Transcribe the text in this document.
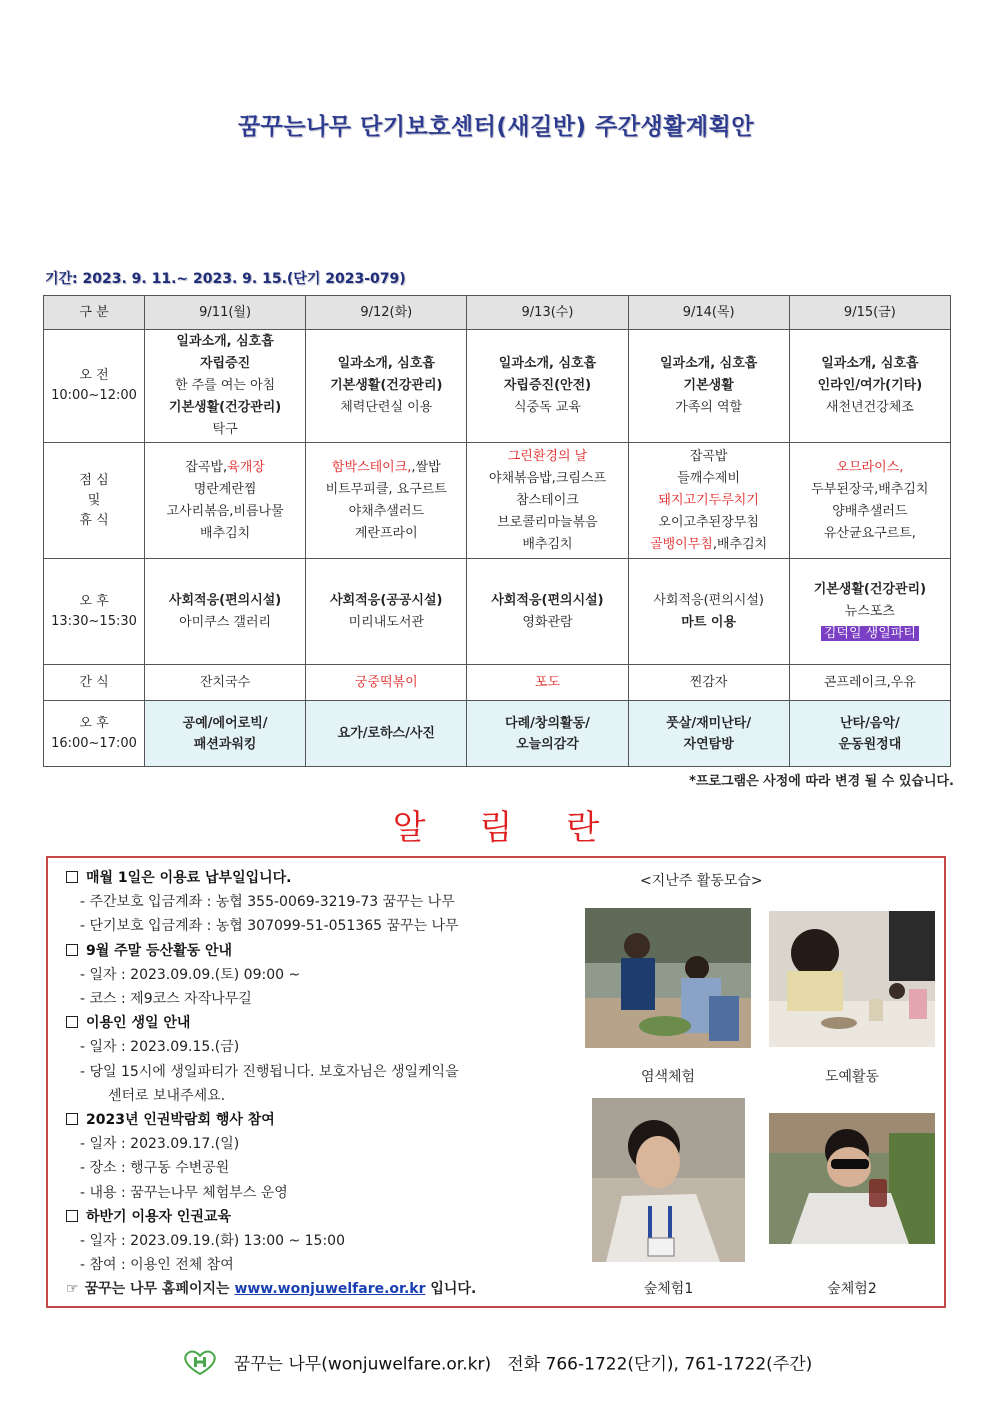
꿈꾸는나무 단기보호센터(새길반) 주간생활계획안
기간: 2023. 9. 11.~ 2023. 9. 15.(단기 2023-079)
구 분	9/11(월)	9/12(화)	9/13(수)	9/14(목)	9/15(금)

오 전
10:00~12:00	일과소개, 심호흡
자립증진
한 주를 여는 아침
기본생활(건강관리)
탁구	일과소개, 심호흡
기본생활(건강관리)
체력단련실 이용	일과소개, 심호흡
자립증진(안전)
식중독 교육	일과소개, 심호흡
기본생활
가족의 역할	일과소개, 심호흡
인라인/여가(기타)
새천년건강체조

점 심
및
휴 식	잡곡밥,육개장
명란계란찜
고사리볶음,비름나물
배추김치	함박스테이크,,쌀밥
비트무피클, 요구르트
야채추샐러드
계란프라이	그린환경의 날
야채볶음밥,크림스프
참스테이크
브로콜리마늘볶음
배추김치	잡곡밥
들깨수제비
돼지고기두루치기
오이고추된장무침
골뱅이무침,배추김치	오므라이스,
두부된장국,배추김치
양배추샐러드
유산균요구르트,

오 후
13:30~15:30	사회적응(편의시설)
아미쿠스 갤러리	사회적응(공공시설)
미리내도서관	사회적응(편의시설)
영화관람	사회적응(편의시설)
마트 이용	기본생활(건강관리)
뉴스포츠
김덕일 생일파티

간 식	잔치국수	궁중떡볶이	포도	찐감자	콘프레이크,우유

오 후
16:00~17:00	공예/에어로빅/
패션과워킹	요가/로하스/사진	다례/창의활동/
오늘의감각	풋살/재미난타/
자연탐방	난타/음악/
운동원정대
*프로그램은 사정에 따라 변경 될 수 있습니다.
알림란
매월 1일은 이용료 납부일입니다.
- 주간보호 입금계좌 : 농협 355-0069-3219-73 꿈꾸는 나무
- 단기보호 입금계좌 : 농협 307099-51-051365 꿈꾸는 나무
9월 주말 등산활동 안내
- 일자 : 2023.09.09.(토) 09:00 ~
- 코스 : 제9코스 자작나무길
이용인 생일 안내
- 일자 : 2023.09.15.(금)
- 당일 15시에 생일파티가 진행됩니다. 보호자님은 생일케익을
센터로 보내주세요.
2023년 인권박람회 행사 참여
- 일자 : 2023.09.17.(일)
- 장소 : 행구동 수변공원
- 내용 : 꿈꾸는나무 체험부스 운영
하반기 이용자 인권교육
- 일자 : 2023.09.19.(화) 13:00 ~ 15:00
- 참여 : 이용인 전체 참여
☞ 꿈꾸는 나무 홈페이지는 www.wonjuwelfare.or.kr 입니다.
<지난주 활동모습>
염색체험	도예활동
숲체험1	숲체험2
꿈꾸는 나무(wonjuwelfare.or.kr)   전화 766-1722(단기), 761-1722(주간)
